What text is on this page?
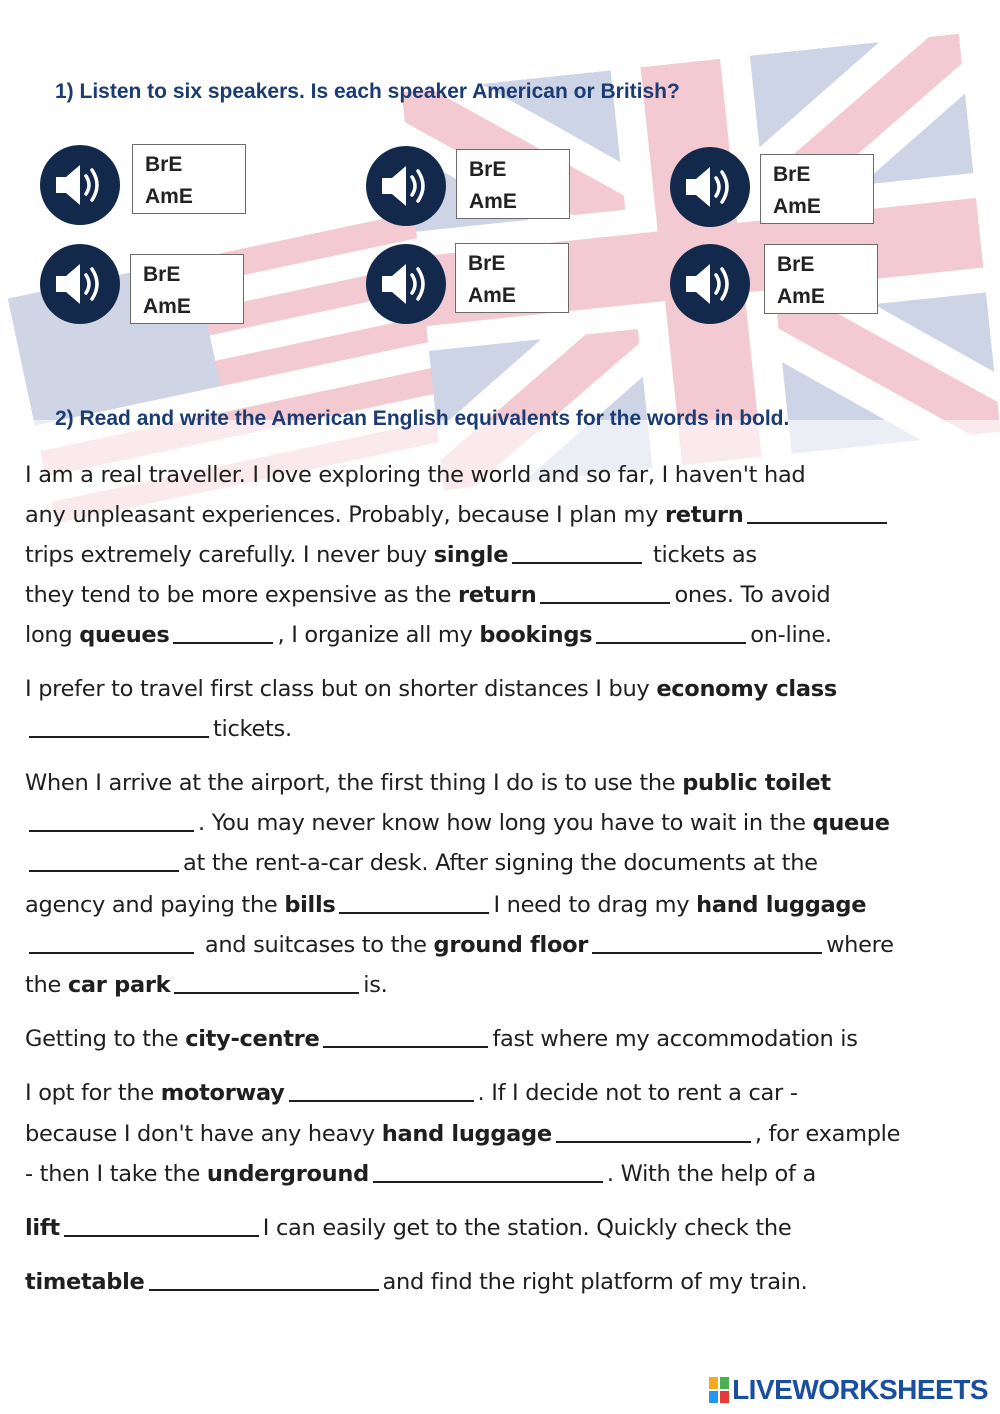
1) Listen to six speakers. Is each speaker American or British?
BrE
AmE
BrE
AmE
BrE
AmE
BrE
AmE
BrE
AmE
BrE
AmE
2) Read and write the American English equivalents for the words in bold.
I am a real traveller. I love exploring the world and so far, I haven't had
any unpleasant experiences. Probably, because I plan my return
trips extremely carefully. I never buy single	tickets as
they tend to be more expensive as the return	ones. To avoid
long queues	, I organize all my bookings	on-line.
I prefer to travel first class but on shorter distances I buy economy class
tickets.
When I arrive at the airport, the first thing I do is to use the public toilet
. You may never know how long you have to wait in the queue
at the rent-a-car desk. After signing the documents at the
agency and paying the bills	I need to drag my hand luggage
and suitcases to the ground floor	where
the car park	is.
Getting to the city-centre	fast where my accommodation is
I opt for the motorway	. If I decide not to rent a car -
because I don't have any heavy hand luggage	, for example
- then I take the underground	. With the help of a
lift	I can easily get to the station. Quickly check the
timetable	and find the right platform of my train.
LIVEWORKSHEETS
